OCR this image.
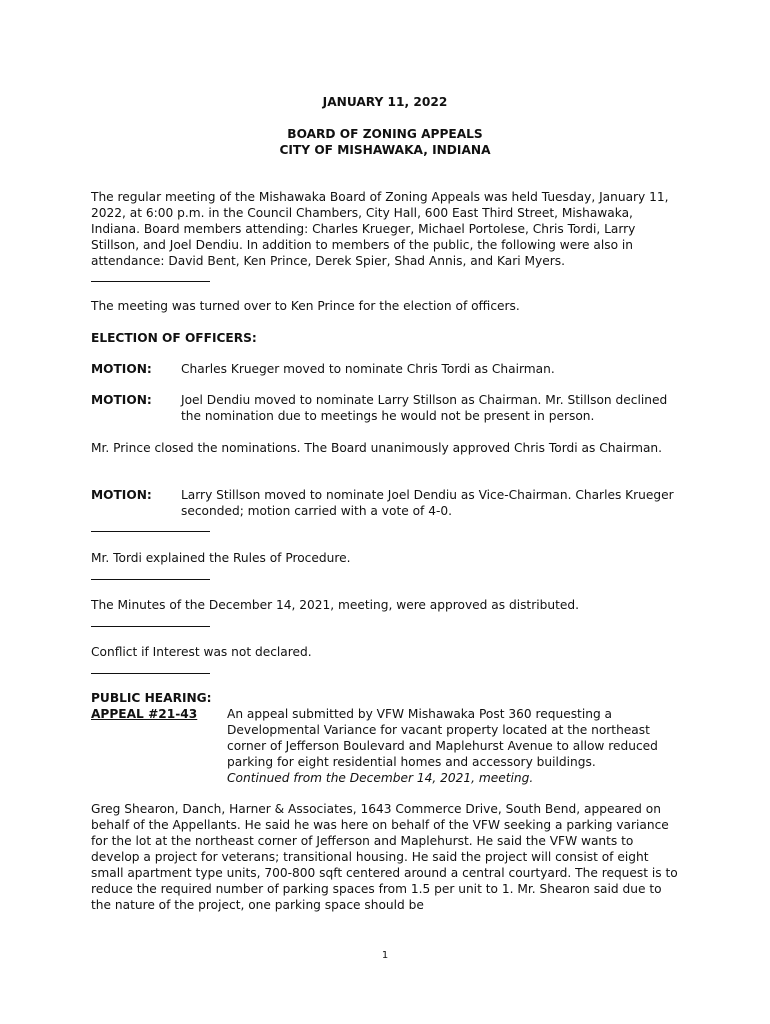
JANUARY 11, 2022
BOARD OF ZONING APPEALS
CITY OF MISHAWAKA, INDIANA

The regular meeting of the Mishawaka Board of Zoning Appeals was held Tuesday, January 11, 2022, at 6:00 p.m. in the Council Chambers, City Hall, 600 East Third Street, Mishawaka, Indiana. Board members attending: Charles Krueger, Michael Portolese, Chris Tordi, Larry Stillson, and Joel Dendiu. In addition to members of the public, the following were also in attendance: David Bent, Ken Prince, Derek Spier, Shad Annis, and Kari Myers.

The meeting was turned over to Ken Prince for the election of officers.

ELECTION OF OFFICERS:
MOTION: Charles Krueger moved to nominate Chris Tordi as Chairman.

MOTION: Joel Dendiu moved to nominate Larry Stillson as Chairman. Mr. Stillson declined the nomination due to meetings he would not be present in person.

Mr. Prince closed the nominations. The Board unanimously approved Chris Tordi as Chairman.

MOTION: Larry Stillson moved to nominate Joel Dendiu as Vice-Chairman. Charles Krueger seconded; motion carried with a vote of 4-0.

Mr. Tordi explained the Rules of Procedure.

The Minutes of the December 14, 2021, meeting, were approved as distributed.

Conflict if Interest was not declared.

PUBLIC HEARING:
APPEAL #21-43 An appeal submitted by VFW Mishawaka Post 360 requesting a Developmental Variance for vacant property located at the northeast corner of Jefferson Boulevard and Maplehurst Avenue to allow reduced parking for eight residential homes and accessory buildings.
Continued from the December 14, 2021, meeting.

Greg Shearon, Danch, Harner & Associates, 1643 Commerce Drive, South Bend, appeared on behalf of the Appellants. He said he was here on behalf of the VFW seeking a parking variance for the lot at the northeast corner of Jefferson and Maplehurst. He said the VFW wants to develop a project for veterans; transitional housing. He said the project will consist of eight small apartment type units, 700-800 sqft centered around a central courtyard. The request is to reduce the required number of parking spaces from 1.5 per unit to 1. Mr. Shearon said due to the nature of the project, one parking space should be

1
